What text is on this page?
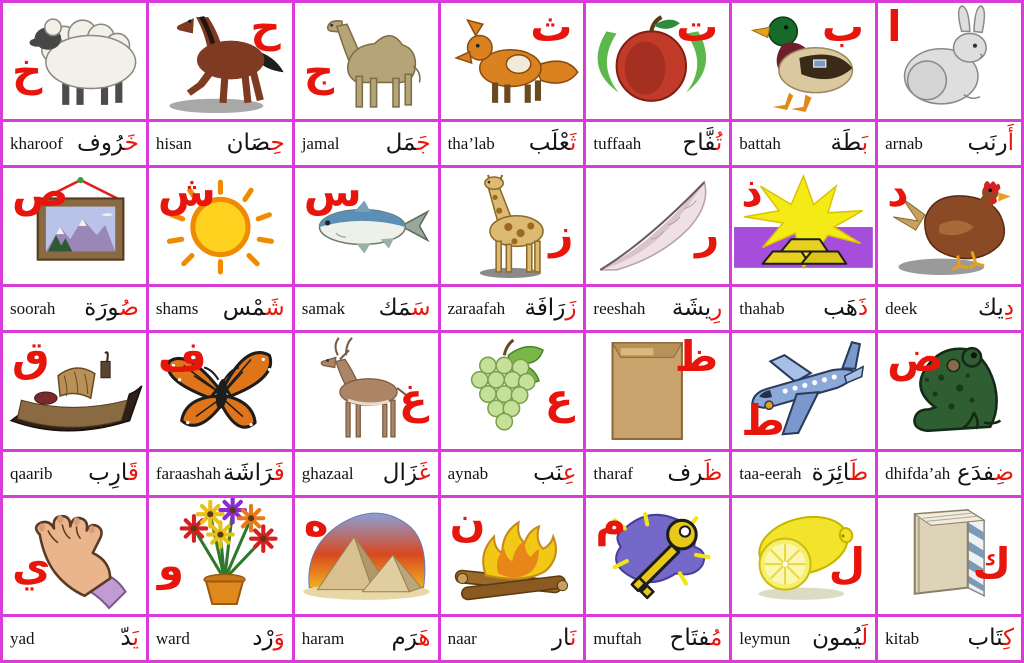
خ
ح
ج
ث ت ب ا
kharoof	خَ‍‍رُوف	hisan	حِ‍‍صَان	jamal	جَ‍‍مَل	tha’lab	ثَ‍‍عْلَب	tuffaah	تُ‍‍فَّاح	battah	بَ‍‍طَة	arnab	أَرنَب
ص ش س
ز	ر
ذ	د
soorah	صُ‍‍ورَة	shams	شَ‍‍مْس	samak	سَ‍‍مَك	zaraafah	زَرَافَة	reeshah	رِيشَة	thahab	ذَهَب	deek	دِيك
ق	ف
غ	ع
ظ
ط
ض
qaarib	قَ‍‍ارِب	faraashah	فَ‍‍رَاشَة	ghazaal	غَ‍‍زَال	aynab	عِ‍‍نَب	tharaf	ظَ‍‍رف	taa-eerah	طَ‍‍ائِرَة	dhifda’ah	ضِ‍‍فدَع
ي	و
ه	ن	م
ل	ك
yad	يَ‍‍دّ	ward	وَرْد	haram	هَ‍‍رَم	naar	نَ‍‍ار	muftah	مُ‍‍فتَاح	leymun	لَ‍‍يُمون	kitab	كِ‍‍تَاب
